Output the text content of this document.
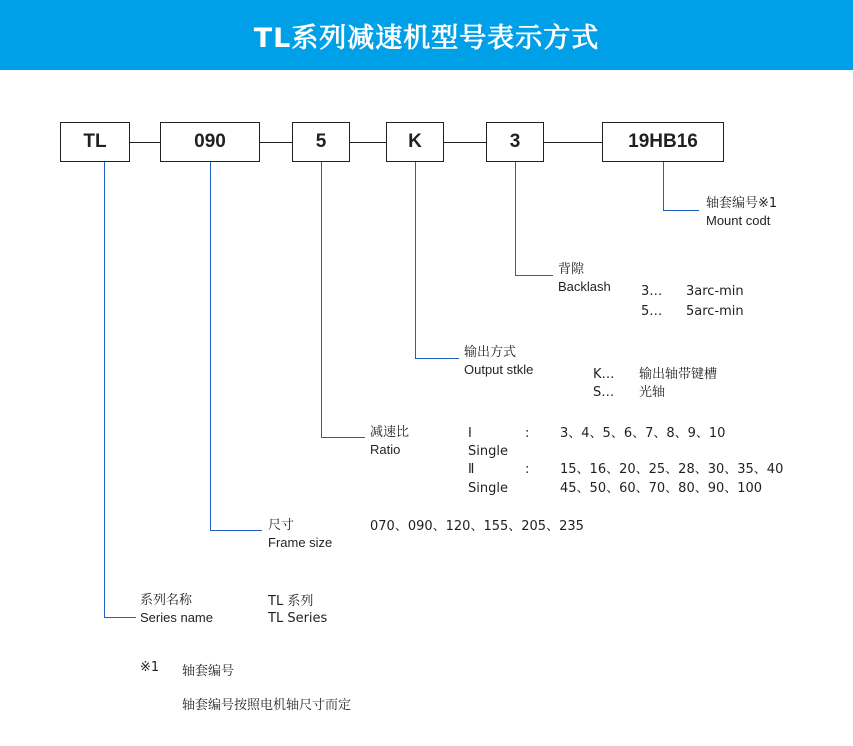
TL系列减速机型号表示方式
TL	090	5	K	3	19HB16
轴套编号※1
Mount codt
背隙
Backlash 3… 3arc-min
5… 5arc-min
输出方式
Output stkle	K… 输出轴带键槽
S… 光轴
减速比
Ratio
Ⅰ
Single
: 3、4、5、6、7、8、9、10
Ⅱ
Single
: 15、16、20、25、28、30、35、40
45、50、60、70、80、90、100
尺寸
Frame size
070、090、120、155、205、235
系列名称
Series name
TL 系列
TL Series
※1 轴套编号
轴套编号按照电机轴尺寸而定
